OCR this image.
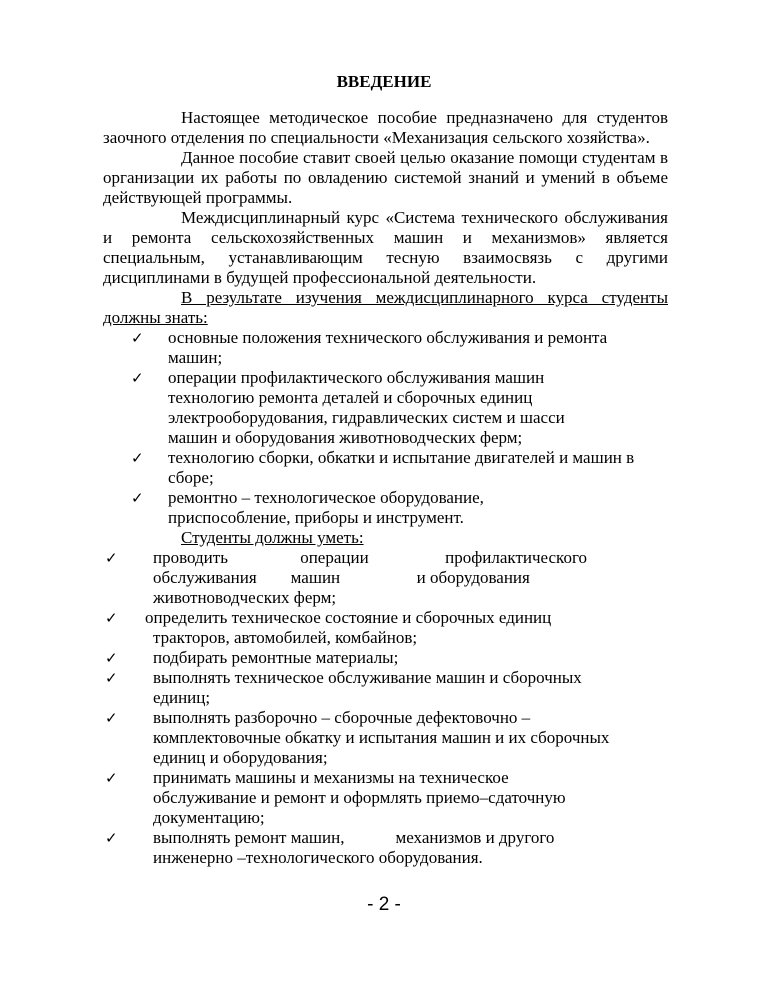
ВВЕДЕНИЕ
Настоящее методическое пособие предназначено для студентов заочного отделения по специальности «Механизация сельского хозяйства».
Данное пособие ставит своей целью оказание помощи студентам в организации их работы по овладению системой знаний и умений в объеме действующей программы.
Междисциплинарный курс «Система технического обслуживания и ремонта сельскохозяйственных машин и механизмов» является специальным, устанавливающим тесную взаимосвязь с другими дисциплинами в будущей профессиональной деятельности.
В результате изучения междисциплинарного курса студенты должны знать:
✓ основные положения технического обслуживания и ремонта
машин;
✓ операции профилактического обслуживания машин
технологию ремонта деталей и сборочных единиц
электрооборудования, гидравлических систем и шасси
машин и оборудования животноводческих ферм;
✓ технологию сборки, обкатки и испытание двигателей и машин в
сборе;
✓ ремонтно – технологическое оборудование,
приспособление, приборы и инструмент.
Студенты должны уметь:
✓ проводить                 операции                  профилактического
обслуживания        машин                  и оборудования
животноводческих ферм;
✓ определить техническое состояние и сборочных единиц
тракторов, автомобилей, комбайнов;
✓ подбирать ремонтные материалы;
✓ выполнять техническое обслуживание машин и сборочных
единиц;
✓ выполнять разборочно – сборочные дефектовочно –
комплектовочные обкатку и испытания машин и их сборочных
единиц и оборудования;
✓ принимать машины и механизмы на техническое
обслуживание и ремонт и оформлять приемо–сдаточную
документацию;
✓ выполнять ремонт машин,            механизмов и другого
инженерно –технологического оборудования.
- 2 -
